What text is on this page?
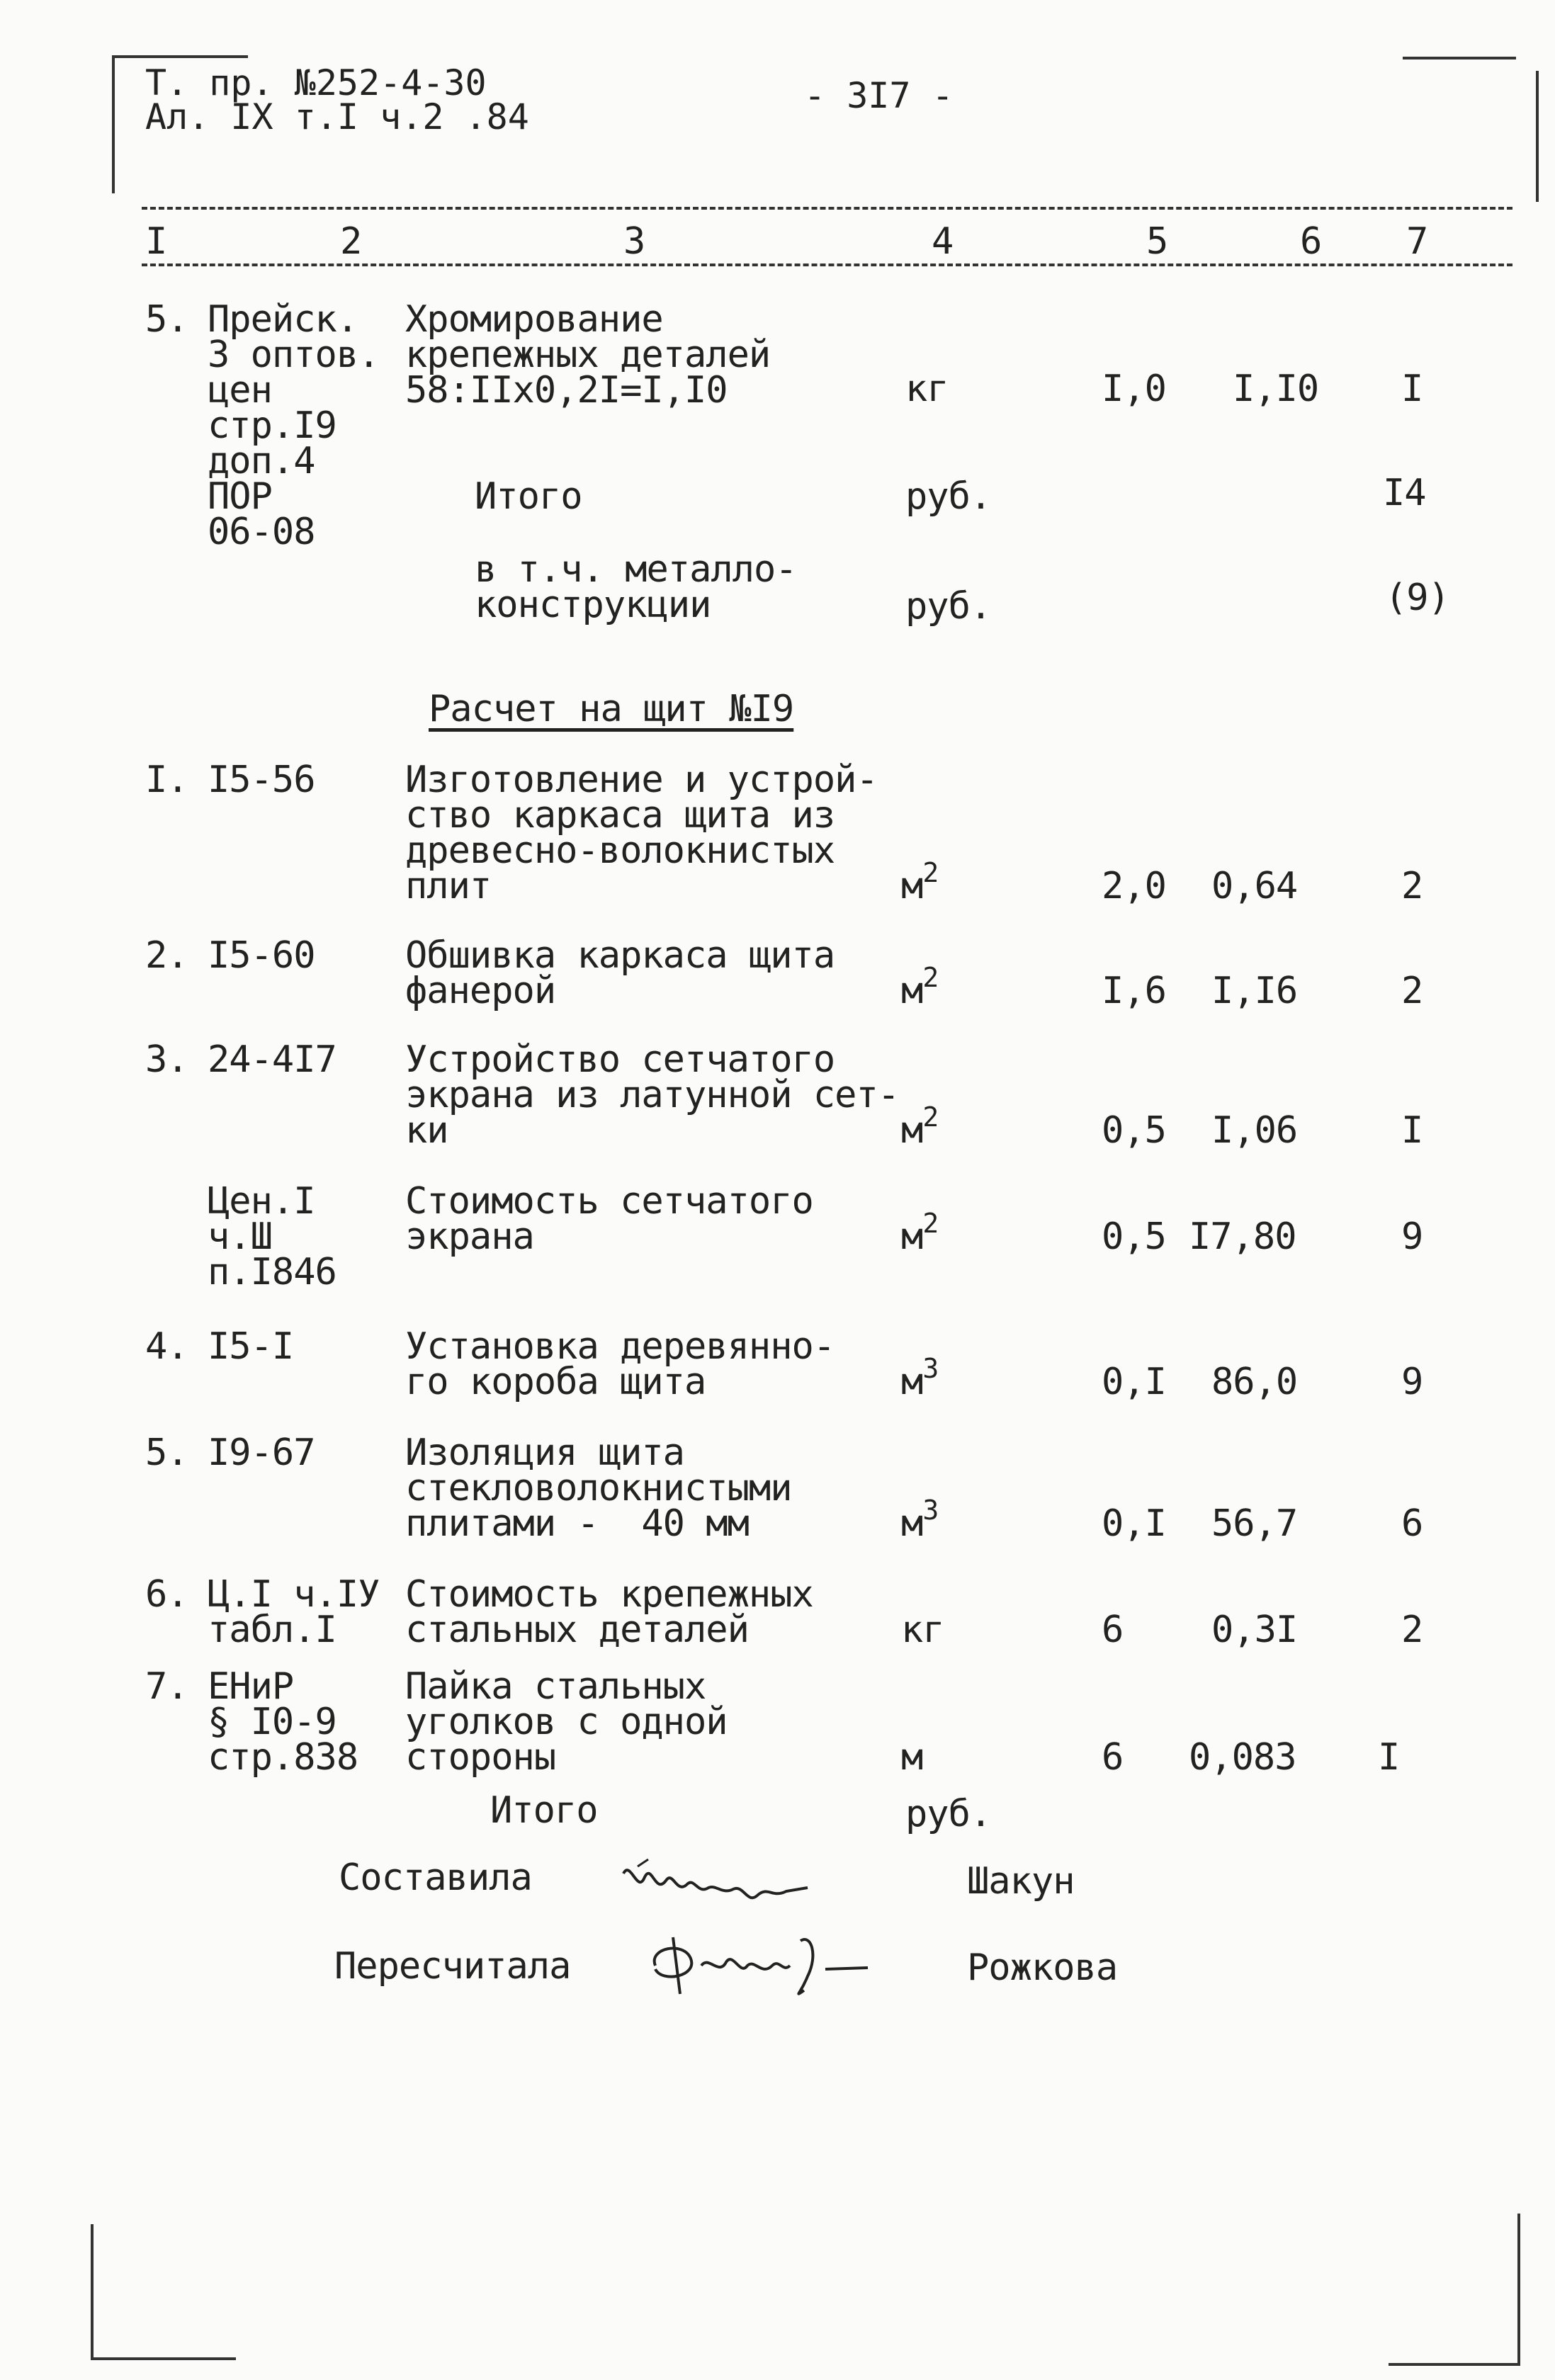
Т. пр. №252-4-30
Ал. IX т.I ч.2 .84
- 3I7 -
I	2	3	4	5	6 7
5. Прейск.
3 оптов.
цен
стр.I9
доп.4
ПОР
06-08
Хромирование
крепежных деталей
58:IIх0,2I=I,I0	кг	I,0 I,I0 I
Итого	руб.	I4
в т.ч. металло-
конструкции	руб.	(9)
Расчет на щит №I9
I. I5-56 Изготовление и устрой-
ство каркаса щита из
древесно-волокнистых
плит	$м^2$	2,0 0,64	2
2. I5-60 Обшивка каркаса щита
фанерой	$м^2$	I,6 I,I6	2
3. 24-4I7 Устройство сетчатого
экрана из латунной сет-
ки	$м^2$	0,5 I,06	I
Цен.I
ч.Ш
п.I846
Стоимость сетчатого
экрана	$м^2$	0,5 I7,80	9
4. I5-I	Установка деревянно-
го короба щита	$м^3$	0,I 86,0	9
5. I9-67 Изоляция щита
стекловолокнистыми
плитами -  40 мм	$м^3$	0,I 56,7	6
6. Ц.I ч.IУ
табл.I
Стоимость крепежных
стальных деталей	кг	6 0,3I	2
7. ЕНиР
§ I0-9
стр.838
Пайка стальных
уголков с одной
стороны	м	6 0,083 I
Итого	руб.
Составила	Шакун
Пересчитала	Рожкова
